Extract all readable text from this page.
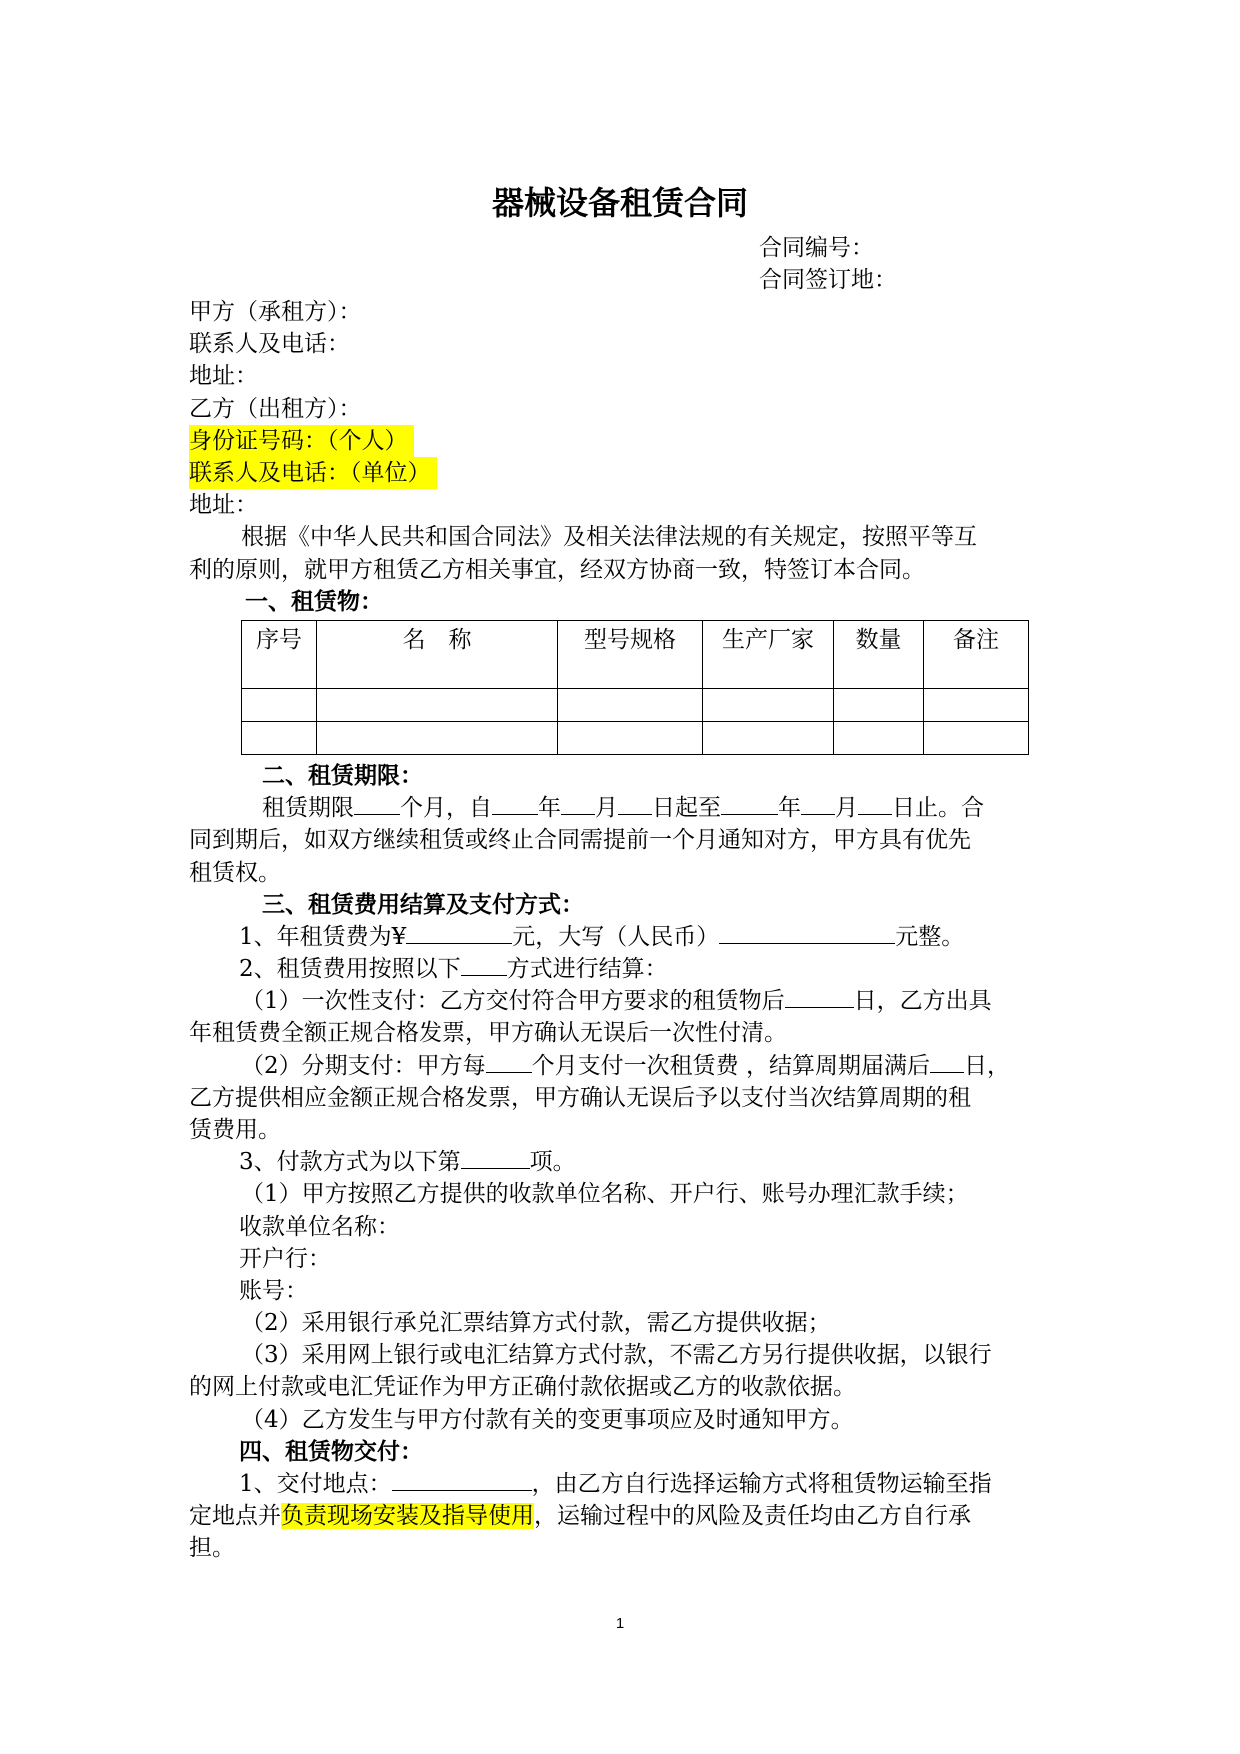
器械设备租赁合同
合同编号：
合同签订地：
甲方（承租方）：
联系人及电话：
地址：
乙方（出租方）：
身份证号码：（个人）
联系人及电话：（单位）
地址：
根据《中华人民共和国合同法》及相关法律法规的有关规定，按照平等互
利的原则，就甲方租赁乙方相关事宜，经双方协商一致，特签订本合同。
一、租赁物：
序号	名　称	型号规格	生产厂家	数量	备注

二、租赁期限：
租赁期限 个月，自 年 月 日起至 年 月 日止。合
同到期后，如双方继续租赁或终止合同需提前一个月通知对方，甲方具有优先
租赁权。
三、租赁费用结算及支付方式：
1、年租赁费为¥	元，大写（人民币）	元整。
2、租赁费用按照以下 方式进行结算：
（1）一次性支付：乙方交付符合甲方要求的租赁物后	日，乙方出具
年租赁费全额正规合格发票，甲方确认无误后一次性付清。
（2）分期支付：甲方每 个月支付一次租赁费 ，结算周期届满后 日，
乙方提供相应金额正规合格发票，甲方确认无误后予以支付当次结算周期的租
赁费用。
3、付款方式为以下第	项。
（1）甲方按照乙方提供的收款单位名称、开户行、账号办理汇款手续；
收款单位名称：
开户行：
账号：
（2）采用银行承兑汇票结算方式付款，需乙方提供收据；
（3）采用网上银行或电汇结算方式付款，不需乙方另行提供收据，以银行
的网上付款或电汇凭证作为甲方正确付款依据或乙方的收款依据。
（4）乙方发生与甲方付款有关的变更事项应及时通知甲方。
四、租赁物交付：
1、交付地点：	，由乙方自行选择运输方式将租赁物运输至指
定地点并负责现场安装及指导使用，运输过程中的风险及责任均由乙方自行承
担。
1
